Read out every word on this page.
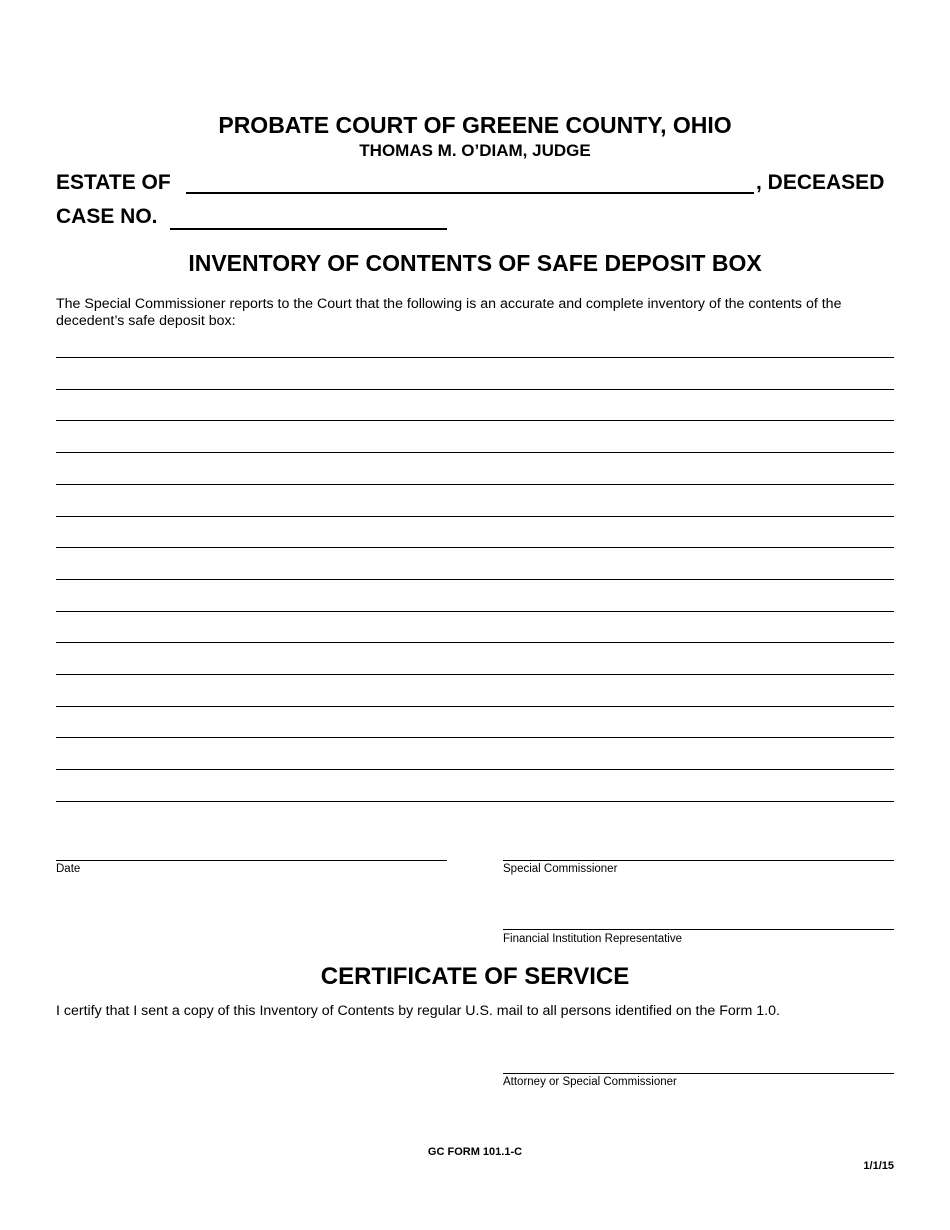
PROBATE COURT OF GREENE COUNTY, OHIO
THOMAS M. O’DIAM, JUDGE
ESTATE OF	, DECEASED
CASE NO.
INVENTORY OF CONTENTS OF SAFE DEPOSIT BOX
The Special Commissioner reports to the Court that the following is an accurate and complete inventory of the contents of the decedent’s safe deposit box:
Date	Special Commissioner
Financial Institution Representative
CERTIFICATE OF SERVICE
I certify that I sent a copy of this Inventory of Contents by regular U.S. mail to all persons identified on the Form 1.0.
Attorney or Special Commissioner
GC FORM 101.1-C
1/1/15
